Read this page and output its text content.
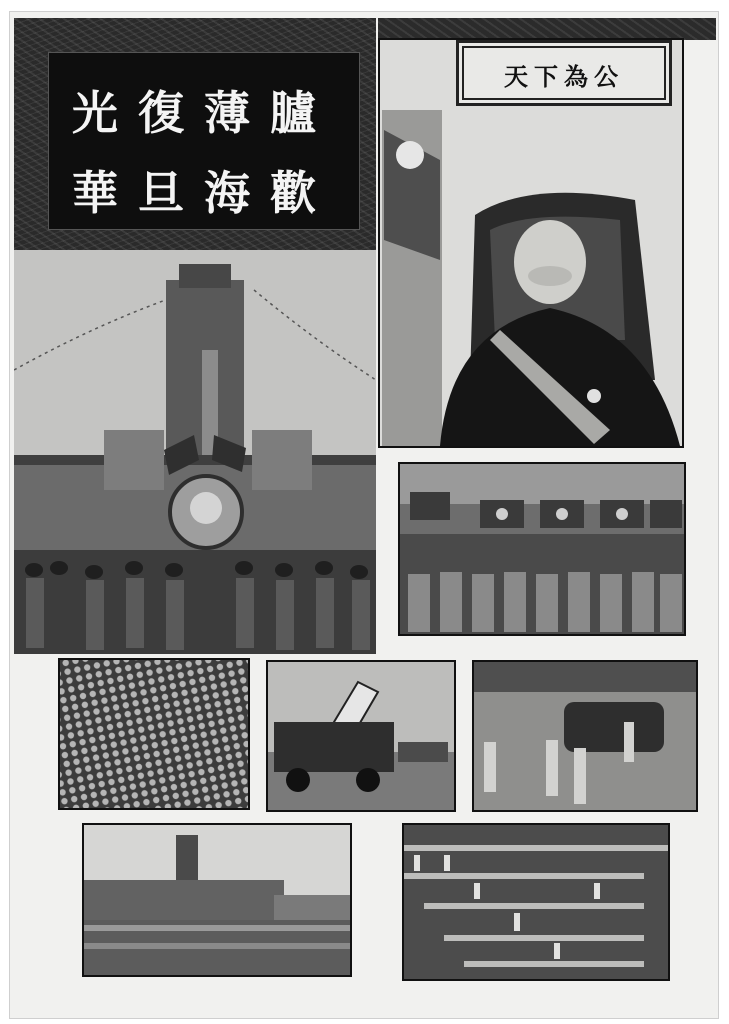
光復薄臚
華旦海歡
天下為公
